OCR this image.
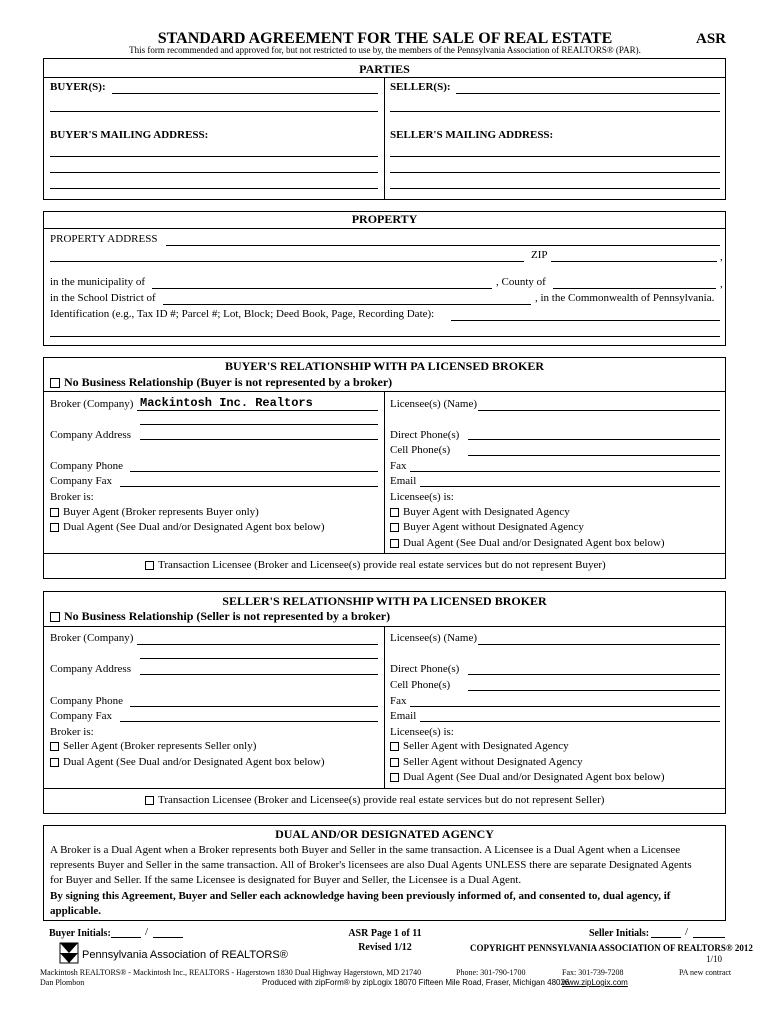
STANDARD AGREEMENT FOR THE SALE OF REAL ESTATE	ASR
This form recommended and approved for, but not restricted to use by, the members of the Pennsylvania Association of REALTORS® (PAR).
PARTIES
BUYER(S):	SELLER(S):
BUYER'S MAILING ADDRESS:	SELLER'S MAILING ADDRESS:
PROPERTY
PROPERTY ADDRESS
ZIP	,
in the municipality of	, County of	,
in the School District of	, in the Commonwealth of Pennsylvania.
Identification (e.g., Tax ID #; Parcel #; Lot, Block; Deed Book, Page, Recording Date):
BUYER'S RELATIONSHIP WITH PA LICENSED BROKER
No Business Relationship (Buyer is not represented by a broker)
Broker (Company) Mackintosh Inc. Realtors	Licensee(s) (Name)
Company Address	Direct Phone(s)
Cell Phone(s)
Company Phone	Fax
Company Fax	Email
Broker is:	Licensee(s) is:
Buyer Agent (Broker represents Buyer only)
Dual Agent (See Dual and/or Designated Agent box below)
Buyer Agent with Designated Agency
Buyer Agent without Designated Agency
Dual Agent (See Dual and/or Designated Agent box below)
Transaction Licensee (Broker and Licensee(s) provide real estate services but do not represent Buyer)
SELLER'S RELATIONSHIP WITH PA LICENSED BROKER
No Business Relationship (Seller is not represented by a broker)
Broker (Company)	Licensee(s) (Name)
Company Address	Direct Phone(s)
Cell Phone(s)
Company Phone	Fax
Company Fax	Email
Broker is:	Licensee(s) is:
Seller Agent (Broker represents Seller only)
Dual Agent (See Dual and/or Designated Agent box below)
Seller Agent with Designated Agency
Seller Agent without Designated Agency
Dual Agent (See Dual and/or Designated Agent box below)
Transaction Licensee (Broker and Licensee(s) provide real estate services but do not represent Seller)
DUAL AND/OR DESIGNATED AGENCY
A Broker is a Dual Agent when a Broker represents both Buyer and Seller in the same transaction. A Licensee is a Dual Agent when a Licensee
represents Buyer and Seller in the same transaction. All of Broker's licensees are also Dual Agents UNLESS there are separate Designated Agents
for Buyer and Seller. If the same Licensee is designated for Buyer and Seller, the Licensee is a Dual Agent.
By signing this Agreement, Buyer and Seller each acknowledge having been previously informed of, and consented to, dual agency, if
applicable.
Buyer Initials:	/	ASR Page 1 of 11
Revised 1/12
Seller Initials:	/
Pennsylvania Association of REALTORS®
COPYRIGHT PENNSYLVANIA ASSOCIATION OF REALTORS® 2012
1/10
Mackintosh REALTORS® - Mackintosh Inc., REALTORS - Hagerstown 1830 Dual Highway Hagerstown, MD 21740	Phone: 301-790-1700	Fax: 301-739-7208	PA new contract
Dan Plombon	Produced with zipForm® by zipLogix 18070 Fifteen Mile Road, Fraser, Michigan 48026
www.zipLogix.com
